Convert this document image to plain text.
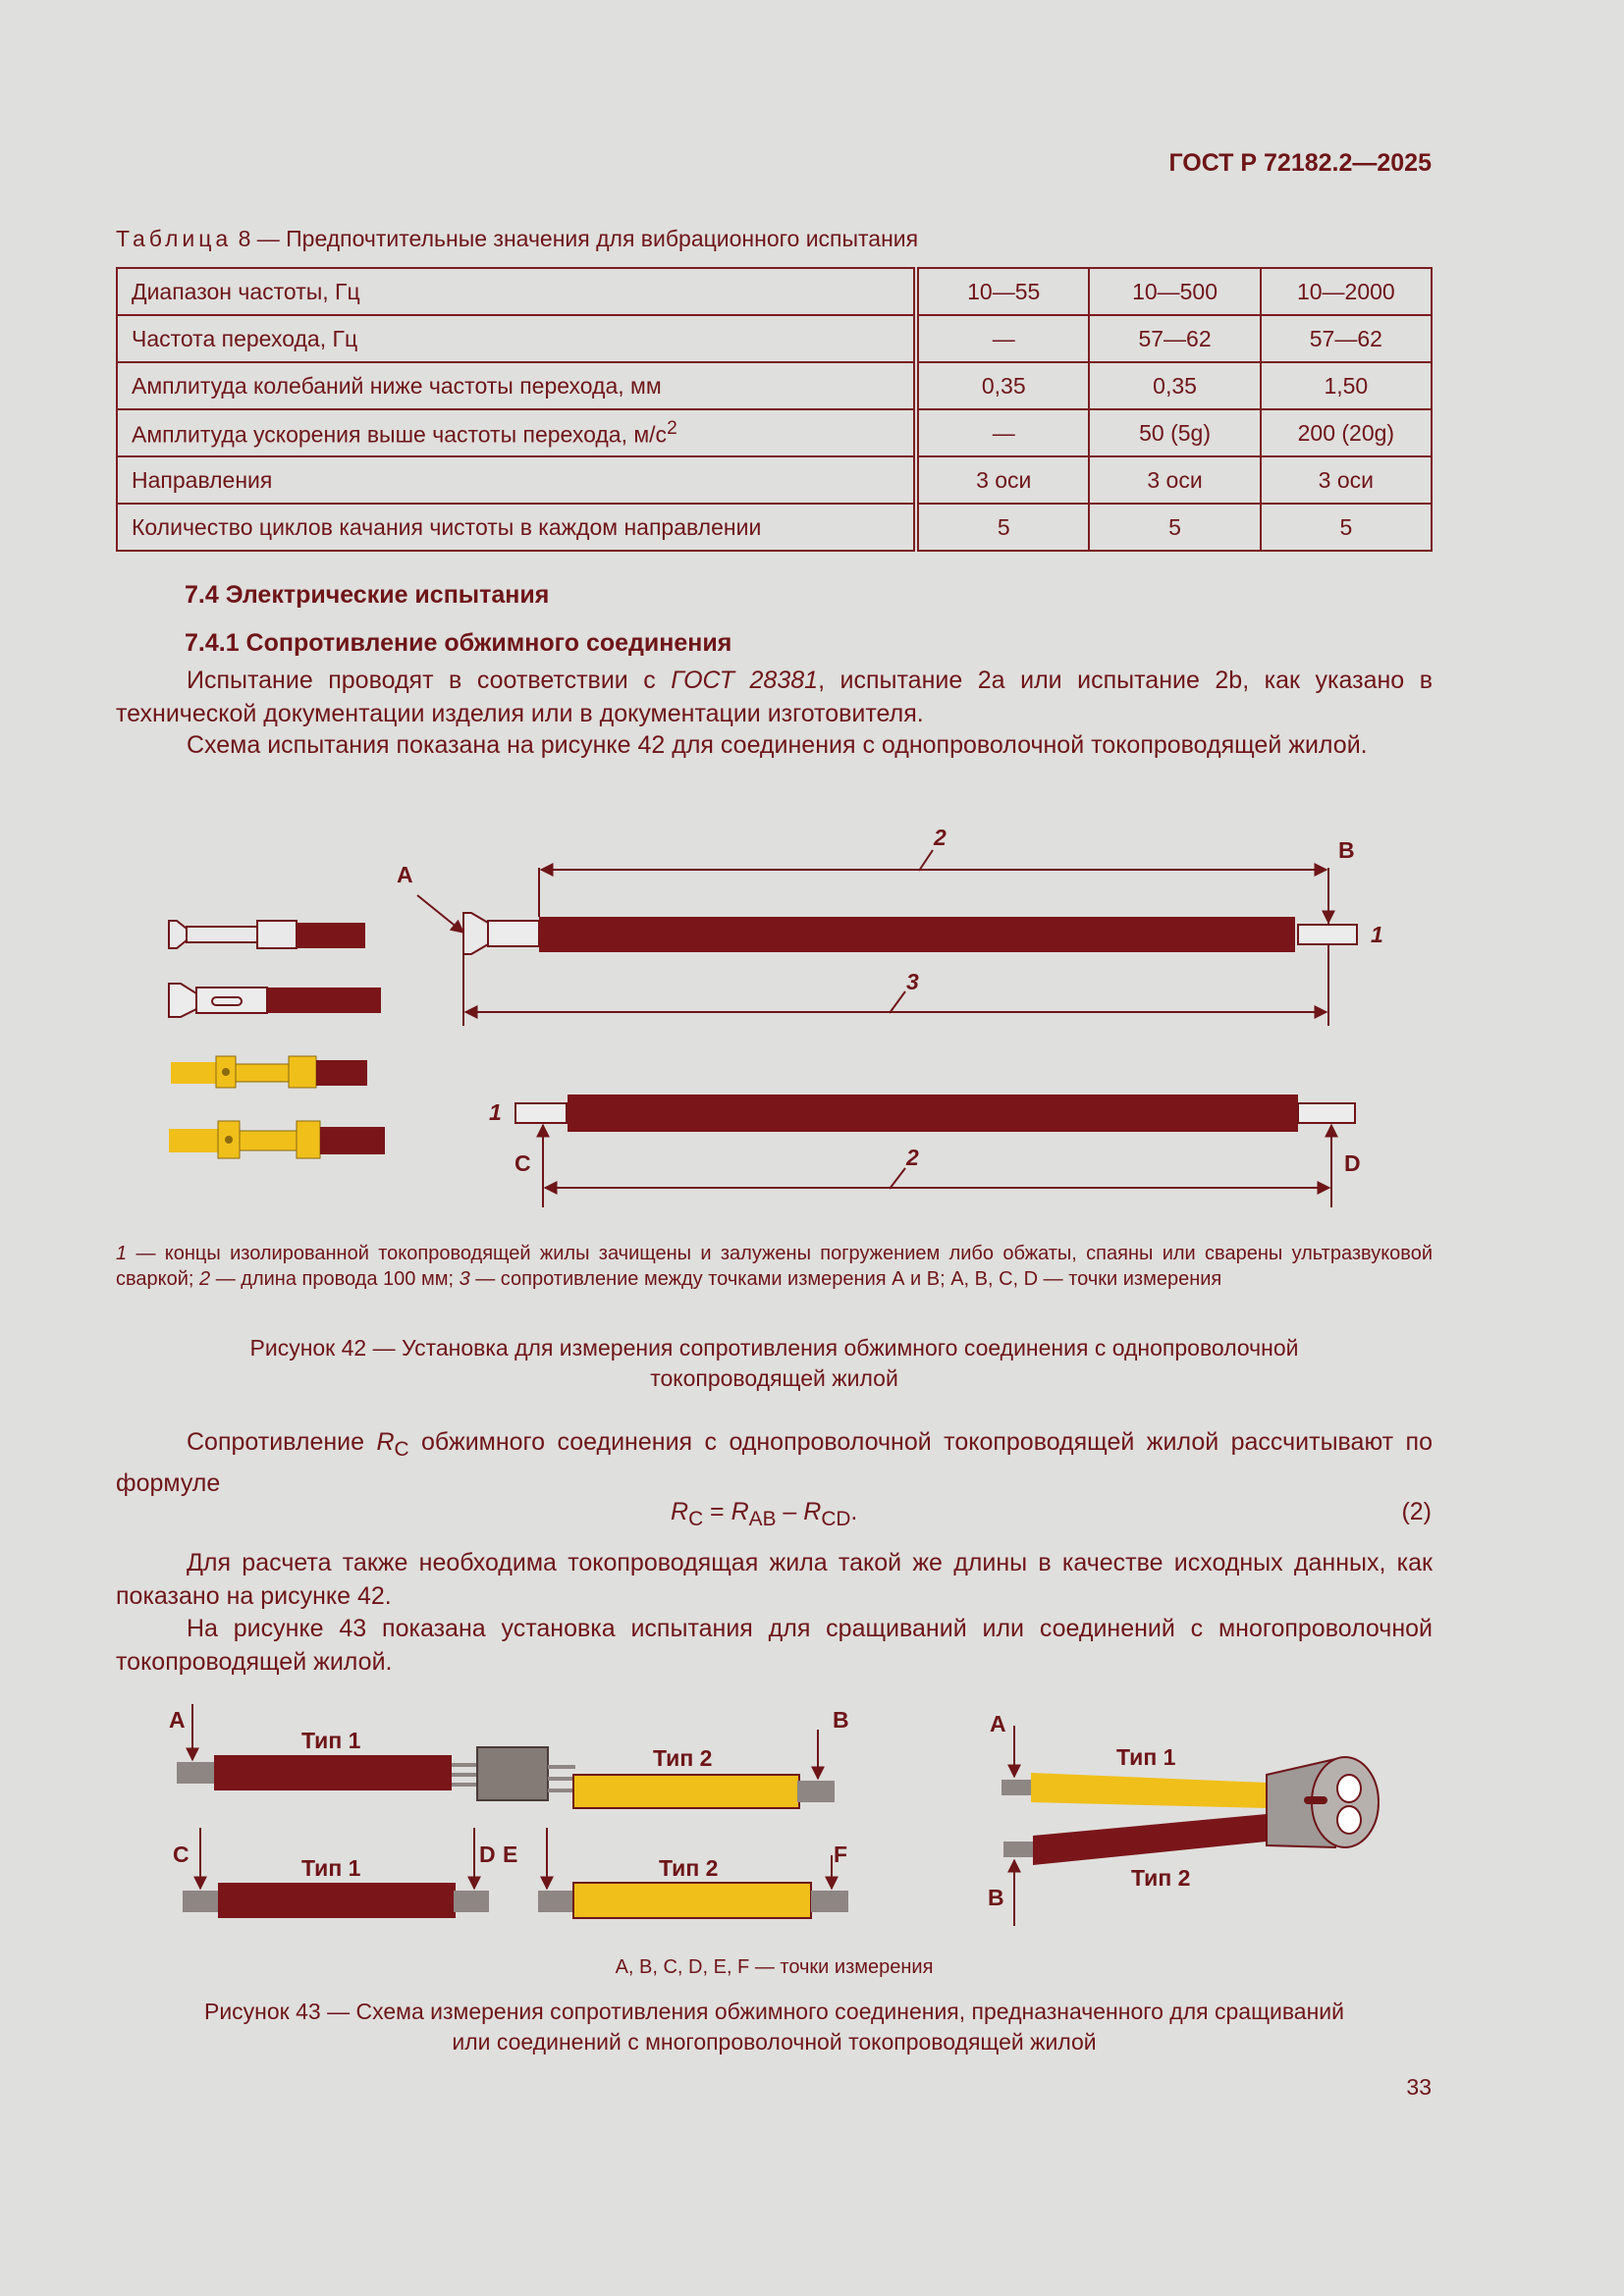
ГОСТ Р 72182.2—2025
Таблица 8 — Предпочтительные значения для вибрационного испытания
Диапазон частоты, Гц	10—55	10—500	10—2000
Частота перехода, Гц	—	57—62	57—62
Амплитуда колебаний ниже частоты перехода, мм	0,35	0,35	1,50
Амплитуда ускорения выше частоты перехода, $м/с^2$	—	50 (5g)	200 (20g)
Направления	3 оси	3 оси	3 оси
Количество циклов качания чистоты в каждом направлении	5	5	5
7.4 Электрические испытания
7.4.1 Сопротивление обжимного соединения
Испытание проводят в соответствии с ГОСТ 28381, испытание 2a или испытание 2b, как указано в технической документации изделия или в документации изготовителя.
Схема испытания показана на рисунке 42 для соединения с однопроволочной токопроводящей жилой.
A
B
2
1
3
1
C	D
2
1 — концы изолированной токопроводящей жилы зачищены и залужены погружением либо обжаты, спаяны или сварены ультразвуковой сваркой; 2 — длина провода 100 мм; 3 — сопротивление между точками измерения А и В; А, В, С, D — точки измерения
Рисунок 42 — Установка для измерения сопротивления обжимного соединения с однопроволочной
токопроводящей жилой
Сопротивление $R_C$ обжимного соединения с однопроволочной токопроводящей жилой рассчитывают по формуле
$R_C = R_{AB} - R_{CD}$.	(2)
Для расчета также необходима токопроводящая жила такой же длины в качестве исходных данных, как показано на рисунке 42.
На рисунке 43 показана установка испытания для сращиваний или соединений с многопроволочной токопроводящей жилой.
A
Тип 1
Тип 2
B
C
Тип 1
D E
Тип 2
F
A
Тип 1
Тип 2
B
A, B, C, D, E, F — точки измерения
Рисунок 43 — Схема измерения сопротивления обжимного соединения, предназначенного для сращиваний
или соединений с многопроволочной токопроводящей жилой
33
